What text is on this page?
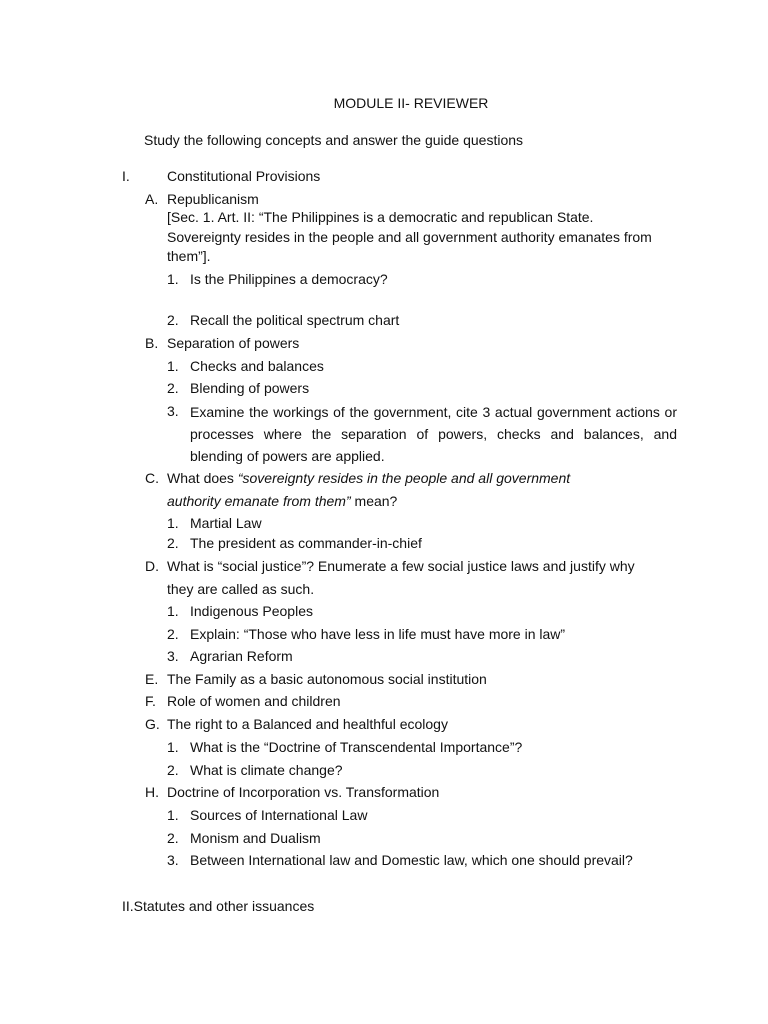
MODULE II- REVIEWER
Study the following concepts and answer the guide questions
I.	Constitutional Provisions
A. Republicanism
[Sec. 1. Art. II: “The Philippines is a democratic and republican State.
Sovereignty resides in the people and all government authority emanates from
them”].
1. Is the Philippines a democracy?
2. Recall the political spectrum chart
B. Separation of powers
1. Checks and balances
2. Blending of powers
3. Examine the workings of the government, cite 3 actual government actions or processes where the separation of powers, checks and balances, and blending of powers are applied.
C. What does “sovereignty resides in the people and all government
authority emanate from them” mean?
1. Martial Law
2. The president as commander-in-chief
D. What is “social justice”? Enumerate a few social justice laws and justify why
they are called as such.
1. Indigenous Peoples
2. Explain: “Those who have less in life must have more in law”
3. Agrarian Reform
E. The Family as a basic autonomous social institution
F. Role of women and children
G. The right to a Balanced and healthful ecology
1. What is the “Doctrine of Transcendental Importance”?
2. What is climate change?
H. Doctrine of Incorporation vs. Transformation
1. Sources of International Law
2. Monism and Dualism
3. Between International law and Domestic law, which one should prevail?
II.Statutes and other issuances
